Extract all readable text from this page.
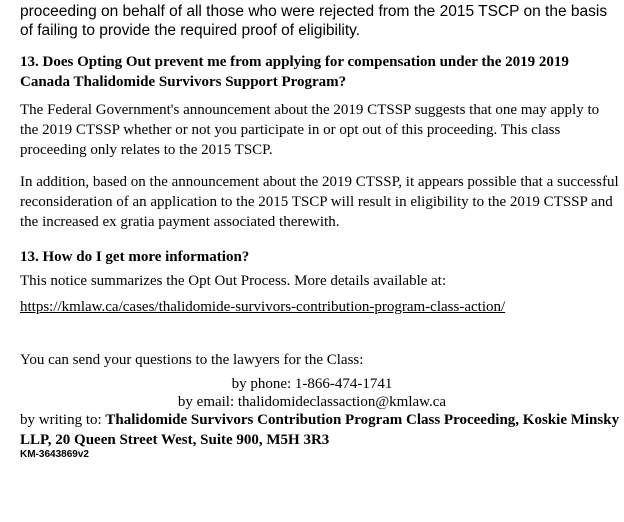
proceeding on behalf of all those who were rejected from the 2015 TSCP on the basis of failing to provide the required proof of eligibility.
13. Does Opting Out prevent me from applying for compensation under the 2019 2019 Canada Thalidomide Survivors Support Program?
The Federal Government's announcement about the 2019 CTSSP suggests that one may apply to the 2019 CTSSP whether or not you participate in or opt out of this proceeding. This class proceeding only relates to the 2015 TSCP.
In addition, based on the announcement about the 2019 CTSSP, it appears possible that a successful reconsideration of an application to the 2015 TSCP will result in eligibility to the 2019 CTSSP and the increased ex gratia payment associated therewith.
13. How do I get more information?
This notice summarizes the Opt Out Process. More details available at:
https://kmlaw.ca/cases/thalidomide-survivors-contribution-program-class-action/
You can send your questions to the lawyers for the Class:
by phone: 1-866-474-1741
by email: thalidomideclassaction@kmlaw.ca
by writing to: Thalidomide Survivors Contribution Program Class Proceeding, Koskie Minsky LLP, 20 Queen Street West, Suite 900, M5H 3R3
KM-3643869v2
